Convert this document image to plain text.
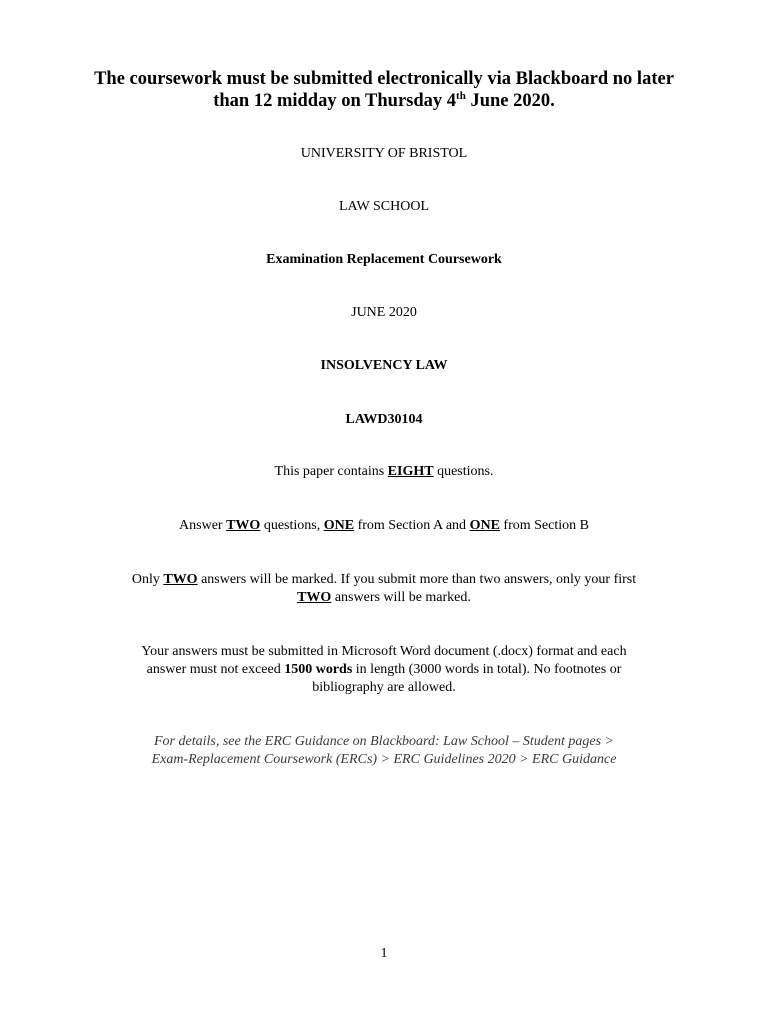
The coursework must be submitted electronically via Blackboard no later
than 12 midday on Thursday 4th June 2020.
UNIVERSITY OF BRISTOL
LAW SCHOOL
Examination Replacement Coursework
JUNE 2020
INSOLVENCY LAW
LAWD30104
This paper contains EIGHT questions.
Answer TWO questions, ONE from Section A and ONE from Section B
Only TWO answers will be marked. If you submit more than two answers, only your first
TWO answers will be marked.
Your answers must be submitted in Microsoft Word document (.docx) format and each
answer must not exceed 1500 words in length (3000 words in total). No footnotes or
bibliography are allowed.
For details, see the ERC Guidance on Blackboard: Law School – Student pages >
Exam-Replacement Coursework (ERCs) > ERC Guidelines 2020 > ERC Guidance
1
